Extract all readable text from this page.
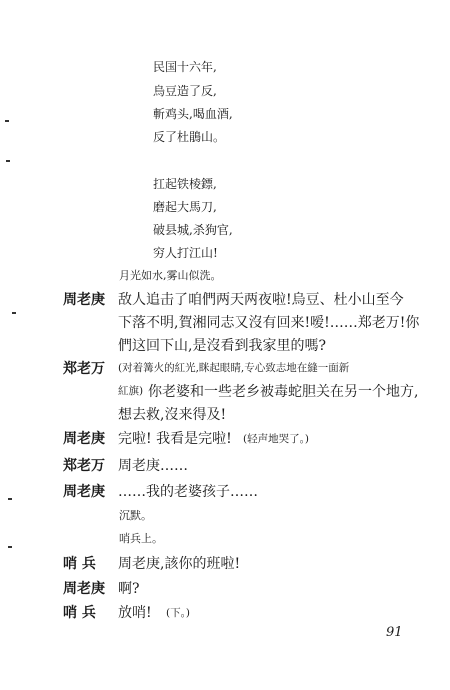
民国十六年,
烏豆造了反,
斬鸡头,喝血酒,
反了杜鵑山。
扛起铁棱鏢,
磨起大馬刀,
破县城,杀狗官,
穷人打江山!
月光如水,雾山似洗。
周老庚 敌人追击了咱們两天两夜啦!烏豆、杜小山至今
下落不明,賀湘同志又沒有回来!嗳!……郑老万!你
們这回下山,是沒看到我家里的嗎?
郑老万 (对着篝火的紅光,眯起眼睛,专心致志地在縫一面新
紅旗) 你老婆和一些老乡被毒蛇胆关在另一个地方,
想去救,沒来得及!
周老庚 完啦! 我看是完啦! (轻声地哭了。)
郑老万 周老庚……
周老庚 ……我的老婆孩子……
沉默。
哨兵上。
哨 兵 周老庚,該你的班啦!
周老庚 啊?
哨 兵 放哨! (下。)
91
